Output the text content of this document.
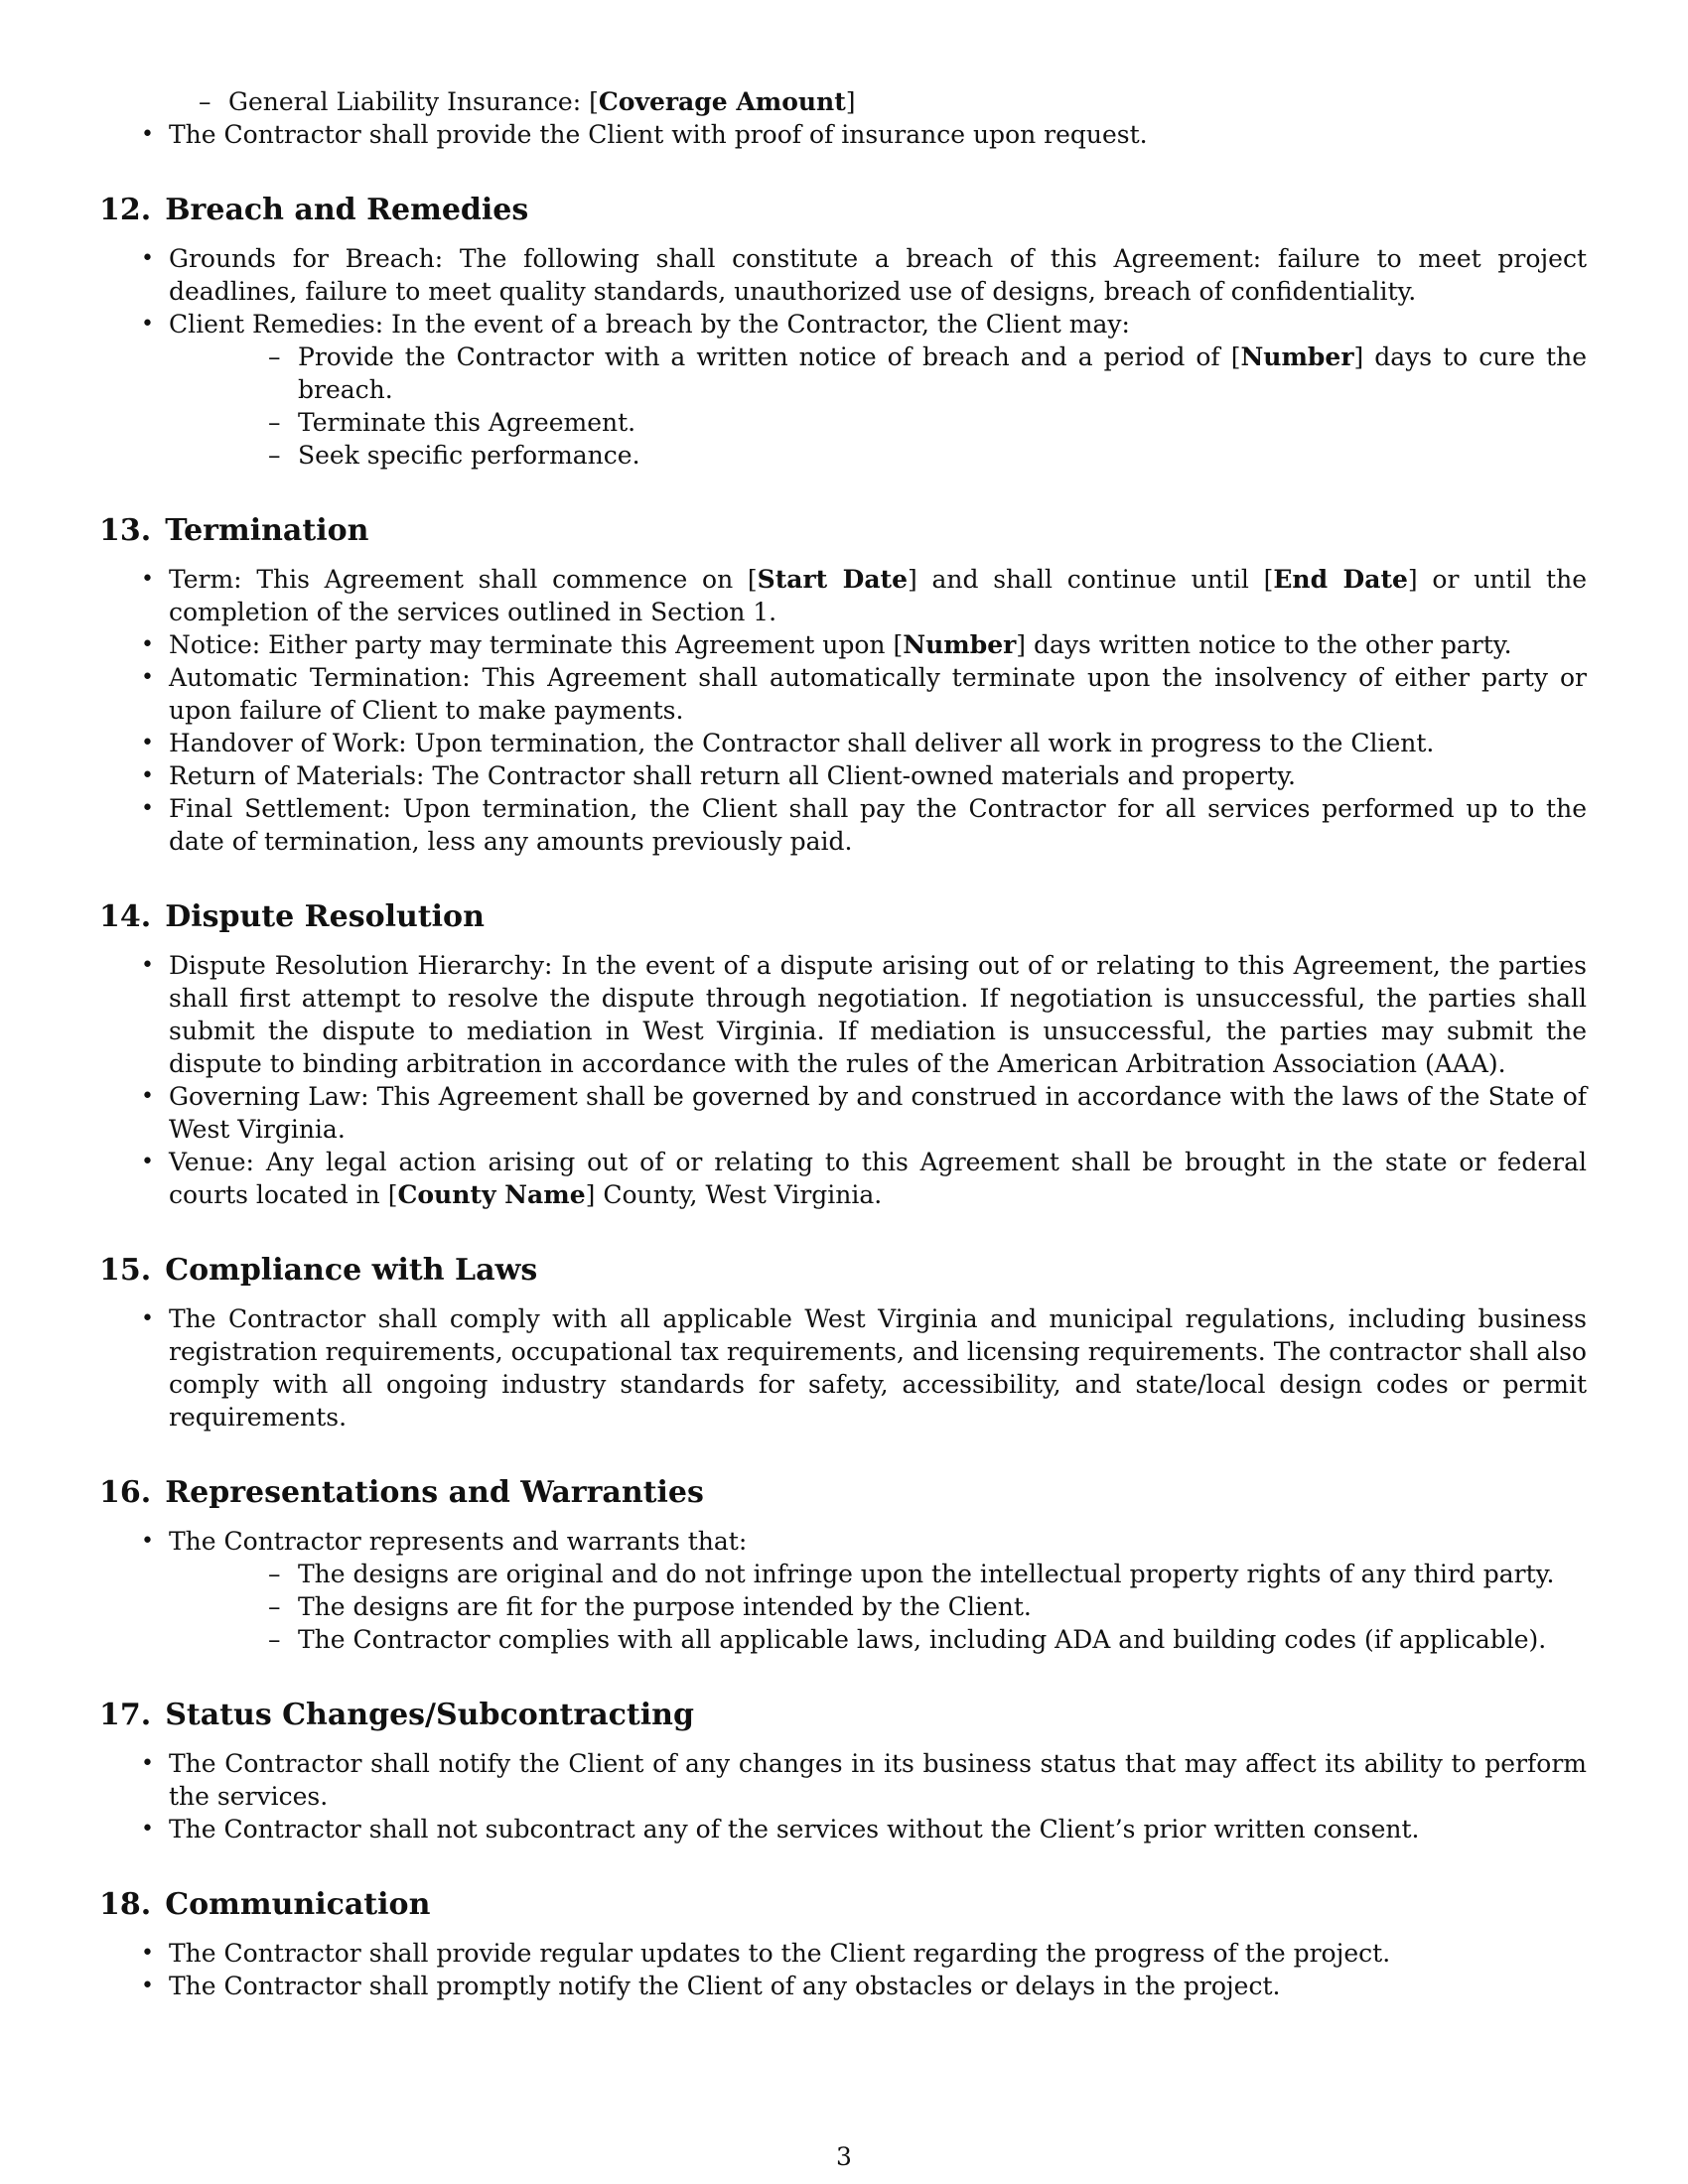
– General Liability Insurance: [Coverage Amount]
• The Contractor shall provide the Client with proof of insurance upon request.
12. Breach and Remedies
• Grounds for Breach: The following shall constitute a breach of this Agreement: failure to meet project deadlines, failure to meet quality standards, unauthorized use of designs, breach of confidentiality.
• Client Remedies: In the event of a breach by the Contractor, the Client may:
– Provide the Contractor with a written notice of breach and a period of [Number] days to cure the breach.
– Terminate this Agreement.
– Seek specific performance.
13. Termination
• Term: This Agreement shall commence on [Start Date] and shall continue until [End Date] or until the completion of the services outlined in Section 1.
• Notice: Either party may terminate this Agreement upon [Number] days written notice to the other party.
• Automatic Termination: This Agreement shall automatically terminate upon the insolvency of either party or upon failure of Client to make payments.
• Handover of Work: Upon termination, the Contractor shall deliver all work in progress to the Client.
• Return of Materials: The Contractor shall return all Client-owned materials and property.
• Final Settlement: Upon termination, the Client shall pay the Contractor for all services performed up to the date of termination, less any amounts previously paid.
14. Dispute Resolution
• Dispute Resolution Hierarchy: In the event of a dispute arising out of or relating to this Agreement, the parties shall first attempt to resolve the dispute through negotiation. If negotiation is unsuccessful, the parties shall submit the dispute to mediation in West Virginia. If mediation is unsuccessful, the parties may submit the dispute to binding arbitration in accordance with the rules of the American Arbitration Association (AAA).
• Governing Law: This Agreement shall be governed by and construed in accordance with the laws of the State of West Virginia.
• Venue: Any legal action arising out of or relating to this Agreement shall be brought in the state or federal courts located in [County Name] County, West Virginia.
15. Compliance with Laws
• The Contractor shall comply with all applicable West Virginia and municipal regulations, including business registration requirements, occupational tax requirements, and licensing requirements. The contractor shall also comply with all ongoing industry standards for safety, accessibility, and state/local design codes or permit requirements.
16. Representations and Warranties
• The Contractor represents and warrants that:
– The designs are original and do not infringe upon the intellectual property rights of any third party.
– The designs are fit for the purpose intended by the Client.
– The Contractor complies with all applicable laws, including ADA and building codes (if applicable).
17. Status Changes/Subcontracting
• The Contractor shall notify the Client of any changes in its business status that may affect its ability to perform the services.
• The Contractor shall not subcontract any of the services without the Client’s prior written consent.
18. Communication
• The Contractor shall provide regular updates to the Client regarding the progress of the project.
• The Contractor shall promptly notify the Client of any obstacles or delays in the project.
3
